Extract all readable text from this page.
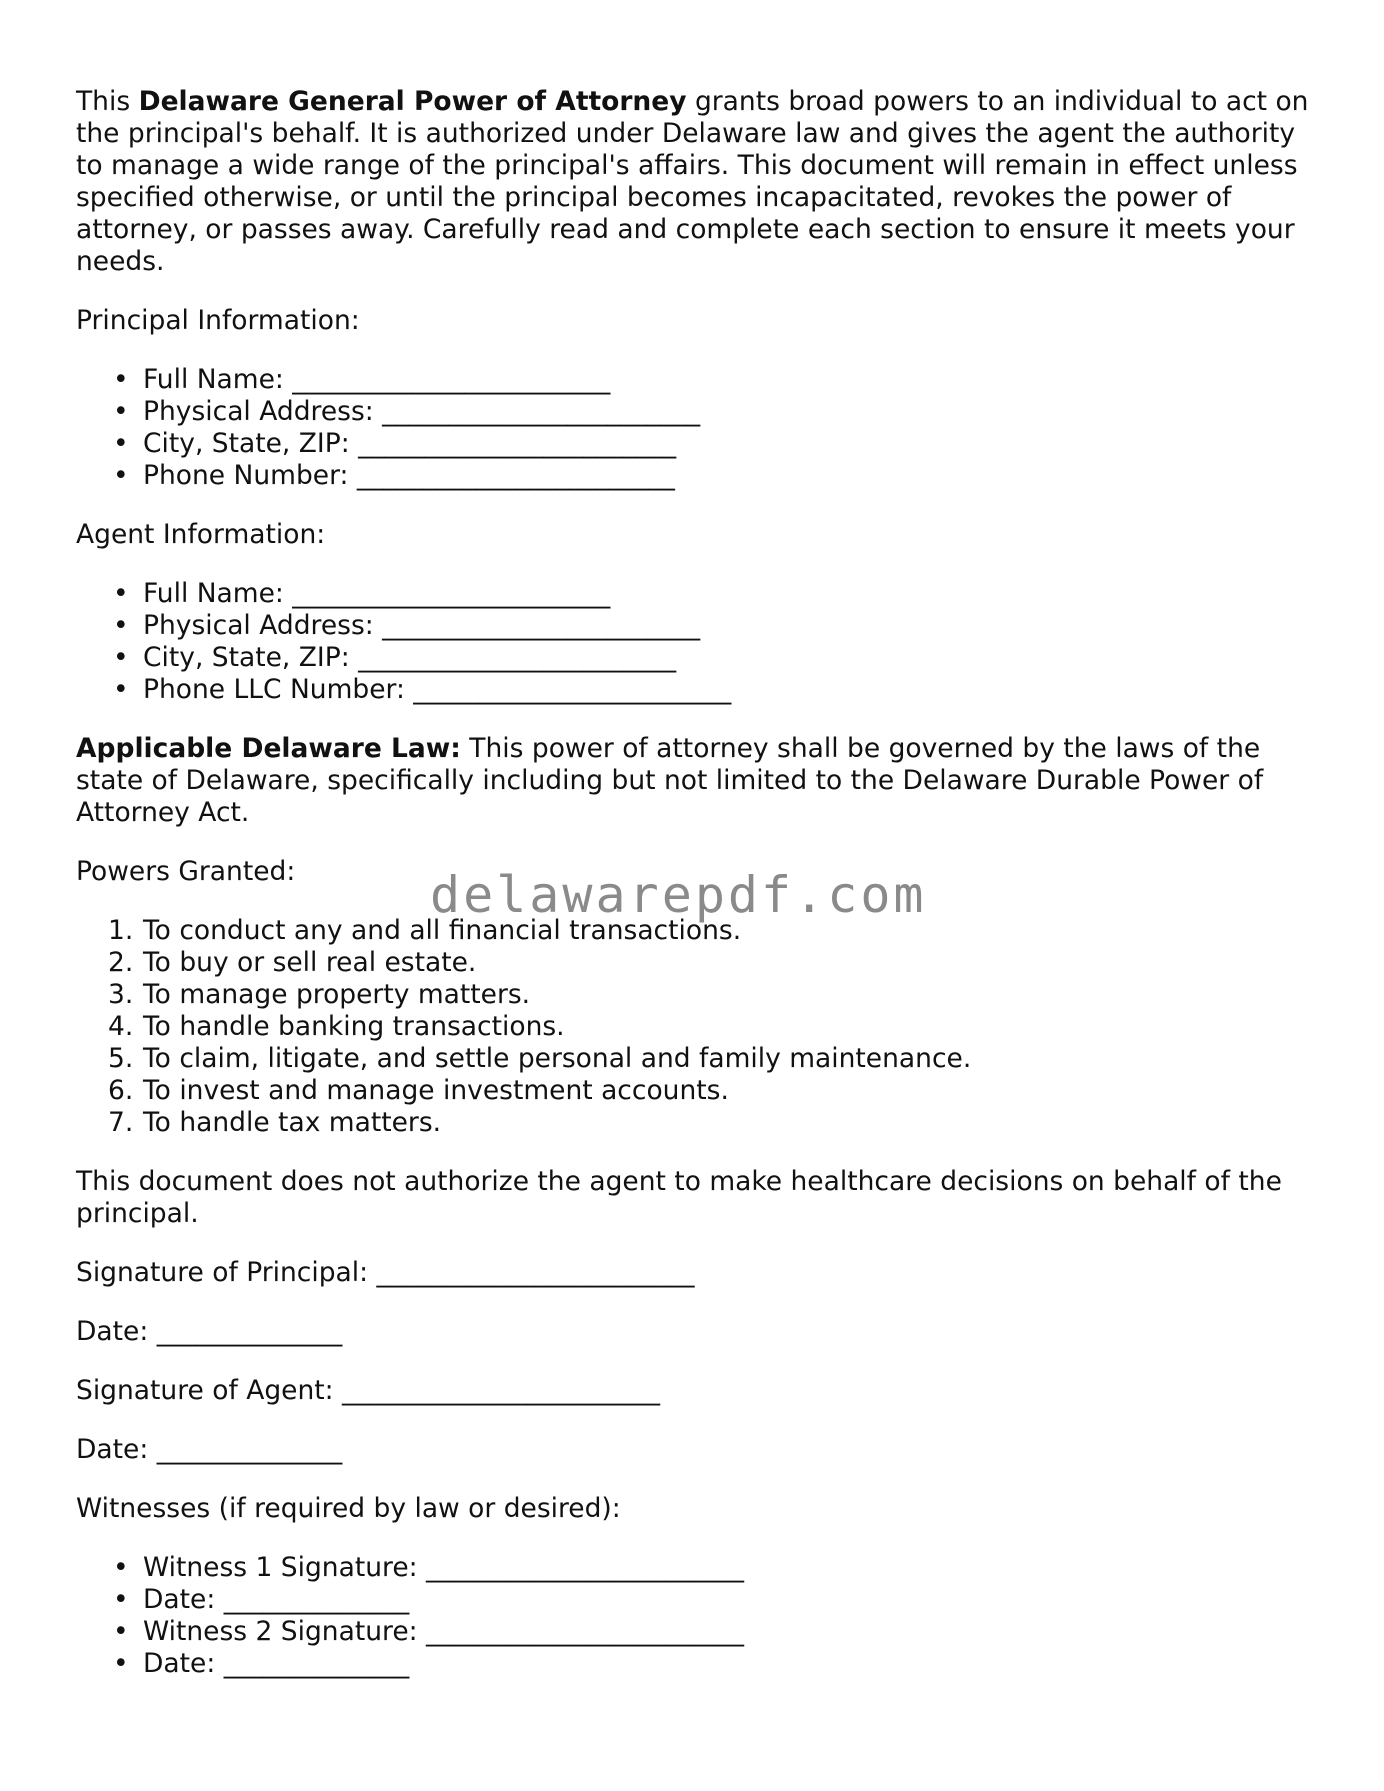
This Delaware General Power of Attorney grants broad powers to an individual to act on the principal's behalf. It is authorized under Delaware law and gives the agent the authority to manage a wide range of the principal's affairs. This document will remain in effect unless specified otherwise, or until the principal becomes incapacitated, revokes the power of attorney, or passes away. Carefully read and complete each section to ensure it meets your needs.

Principal Information:

• Full Name: ________________________
• Physical Address: ________________________
• City, State, ZIP: ________________________
• Phone Number: ________________________

Agent Information:

• Full Name: ________________________
• Physical Address: ________________________
• City, State, ZIP: ________________________
• Phone LLC Number: ________________________

Applicable Delaware Law: This power of attorney shall be governed by the laws of the state of Delaware, specifically including but not limited to the Delaware Durable Power of Attorney Act.

Powers Granted:

1. To conduct any and all financial transactions.
2. To buy or sell real estate.
3. To manage property matters.
4. To handle banking transactions.
5. To claim, litigate, and settle personal and family maintenance.
6. To invest and manage investment accounts.
7. To handle tax matters.

This document does not authorize the agent to make healthcare decisions on behalf of the principal.

Signature of Principal: ________________________

Date: ______________

Signature of Agent: ________________________

Date: ______________

Witnesses (if required by law or desired):

• Witness 1 Signature: ________________________
• Date: ______________
• Witness 2 Signature: ________________________
• Date: ______________
delawarepdf.com
